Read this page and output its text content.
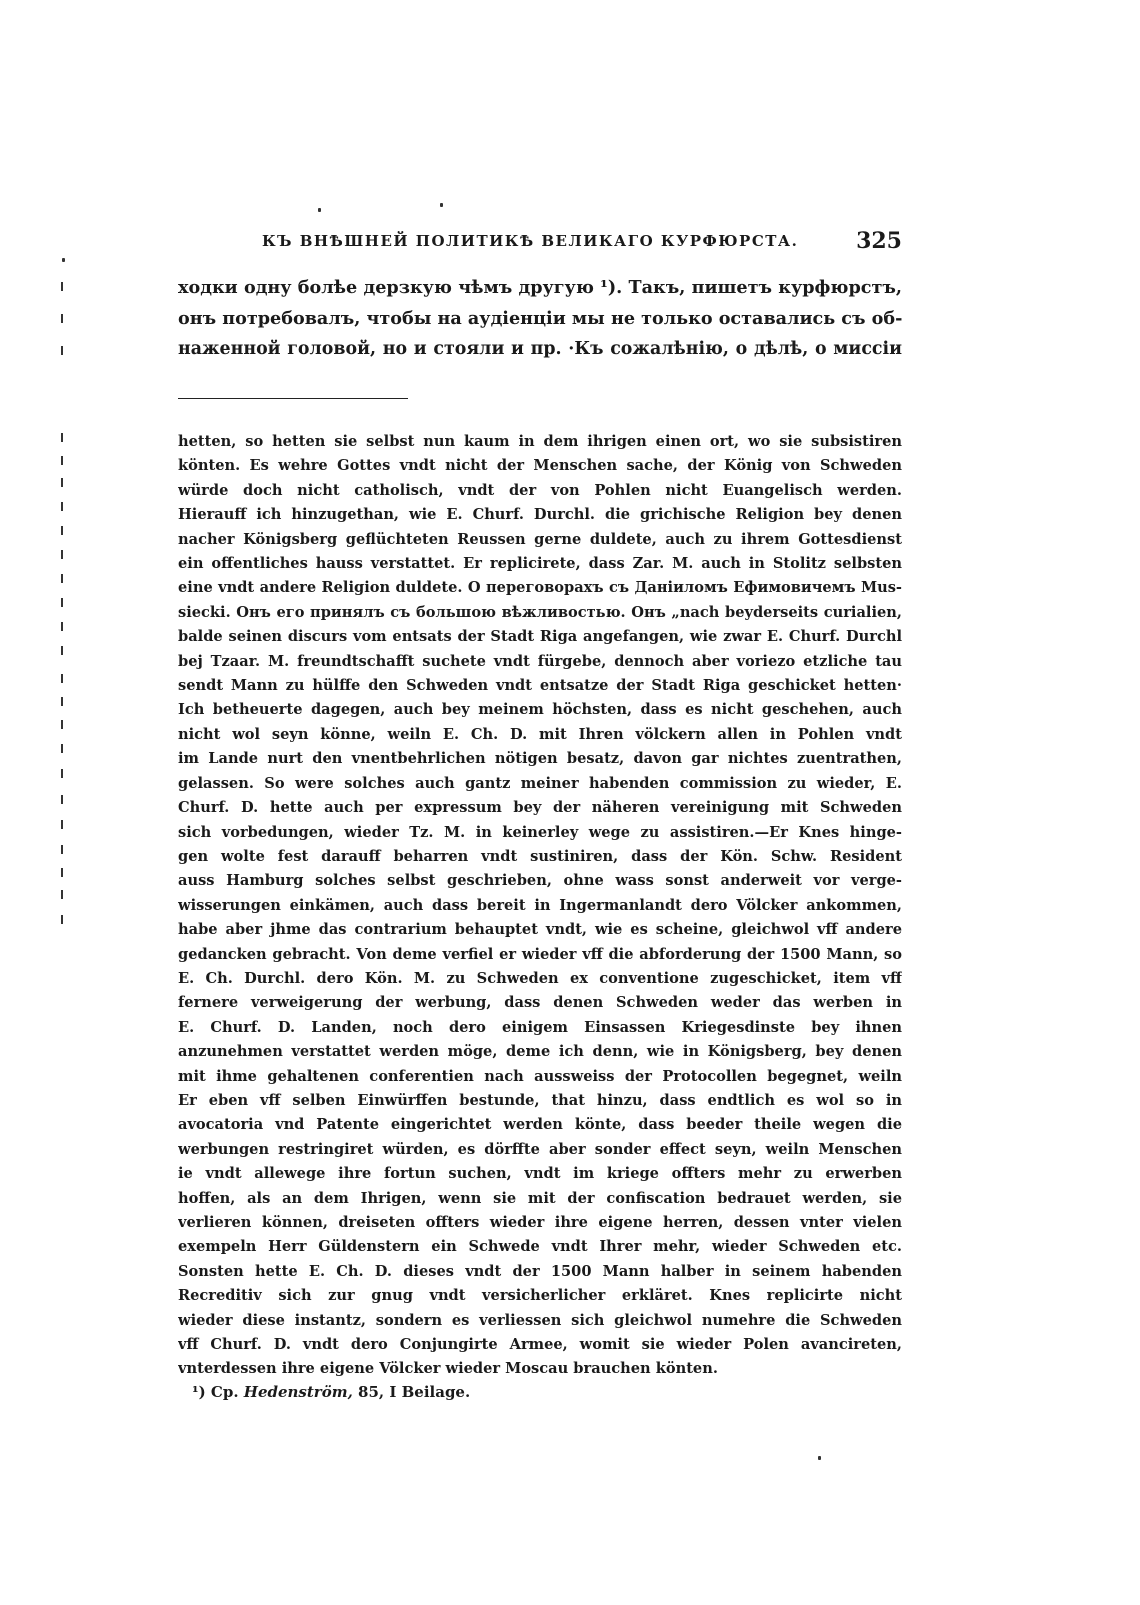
КЪ ВНѢШНЕЙ ПОЛИТИКѢ ВЕЛИКАГО КУРФЮРСТА.	325
ходки одну болѣе дерзкую чѣмъ другую ¹). Такъ, пишетъ курфюрстъ,
онъ потребовалъ, чтобы на аудіенціи мы не только оставались съ об-
наженной головой, но и стояли и пр. ·Къ сожалѣнію, о дѣлѣ, о миссіи
hetten, so hetten sie selbst nun kaum in dem ihrigen einen ort, wo sie subsistiren
könten. Es wehre Gottes vndt nicht der Menschen sache, der König von Schweden
würde doch nicht catholisch, vndt der von Pohlen nicht Euangelisch werden.
Hierauff ich hinzugethan, wie E. Churf. Durchl. die grichische Religion bey denen
nacher Königsberg geflüchteten Reussen gerne duldete, auch zu ihrem Gottesdienst
ein offentliches hauss verstattet. Er replicirete, dass Zar. M. auch in Stolitz selbsten
eine vndt andere Religion duldete. О переговорахъ съ Даніиломъ Ефимовичемъ Mus-
siecki. Онъ его принялъ съ большою вѣжливостью. Онъ „nach beyderseits curialien,
balde seinen discurs vom entsats der Stadt Riga angefangen, wie zwar E. Churf. Durchl
bej Tzaar. M. freundtschafft suchete vndt fürgebe, dennoch aber voriezo etzliche tau
sendt Mann zu hülffe den Schweden vndt entsatze der Stadt Riga geschicket hetten·
Ich betheuerte dagegen, auch bey meinem höchsten, dass es nicht geschehen, auch
nicht wol seyn könne, weiln E. Ch. D. mit Ihren völckern allen in Pohlen vndt
im Lande nurt den vnentbehrlichen nötigen besatz, davon gar nichtes zuentrathen,
gelassen. So were solches auch gantz meiner habenden commission zu wieder, E.
Churf. D. hette auch per expressum bey der näheren vereinigung mit Schweden
sich vorbedungen, wieder Tz. M. in keinerley wege zu assistiren.—Er Knes hinge-
gen wolte fest darauff beharren vndt sustiniren, dass der Kön. Schw. Resident
auss Hamburg solches selbst geschrieben, ohne wass sonst anderweit vor verge-
wisserungen einkämen, auch dass bereit in Ingermanlandt dero Völcker ankommen,
habe aber jhme das contrarium behauptet vndt, wie es scheine, gleichwol vff andere
gedancken gebracht. Von deme verfiel er wieder vff die abforderung der 1500 Mann, so
E. Ch. Durchl. dero Kön. M. zu Schweden ex conventione zugeschicket, item vff
fernere verweigerung der werbung, dass denen Schweden weder das werben in
E. Churf. D. Landen, noch dero einigem Einsassen Kriegesdinste bey ihnen
anzunehmen verstattet werden möge, deme ich denn, wie in Königsberg, bey denen
mit ihme gehaltenen conferentien nach aussweiss der Protocollen begegnet, weiln
Er eben vff selben Einwürffen bestunde, that hinzu, dass endtlich es wol so in
avocatoria vnd Patente eingerichtet werden könte, dass beeder theile wegen die
werbungen restringiret würden, es dörffte aber sonder effect seyn, weiln Menschen
ie vndt allewege ihre fortun suchen, vndt im kriege offters mehr zu erwerben
hoffen, als an dem Ihrigen, wenn sie mit der confiscation bedrauet werden, sie
verlieren können, dreiseten offters wieder ihre eigene herren, dessen vnter vielen
exempeln Herr Güldenstern ein Schwede vndt Ihrer mehr, wieder Schweden etc.
Sonsten hette E. Ch. D. dieses vndt der 1500 Mann halber in seinem habenden
Recreditiv sich zur gnug vndt versicherlicher erkläret. Knes replicirte nicht
wieder diese instantz, sondern es verliessen sich gleichwol numehre die Schweden
vff Churf. D. vndt dero Conjungirte Armee, womit sie wieder Polen avancireten,
vnterdessen ihre eigene Völcker wieder Moscau brauchen könten.
¹) Ср. Hedenström, 85, I Beilage.
